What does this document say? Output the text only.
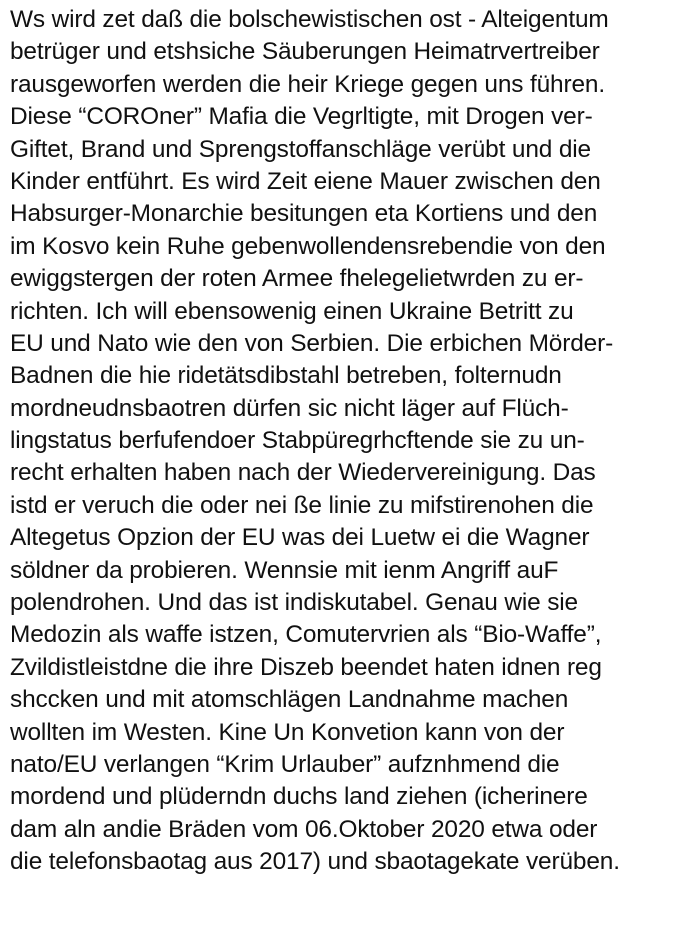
Ws wird zet daß die bolschewistischen ost - Alteigentum
betrüger und etshsiche Säuberungen Heimatrvertreiber
rausgeworfen werden die heir Kriege gegen uns führen.
Diese “COROner” Mafia die Vegrltigte, mit Drogen ver-
Giftet, Brand und Sprengstoffanschläge verübt und die
Kinder entführt. Es wird Zeit eiene Mauer zwischen den
Habsurger-Monarchie besitungen eta Kortiens und den
im Kosvo kein Ruhe gebenwollendensrebendie von den
ewiggstergen der roten Armee fhelegelietwrden zu er-
richten. Ich will ebensowenig einen Ukraine Betritt zu
EU und Nato wie den von Serbien. Die erbichen Mörder-
Badnen die hie ridetätsdibstahl betreben, folternudn
mordneudnsbaotren dürfen sic nicht läger auf Flüch-
lingstatus berfufendoer Stabpüregrhcftende sie zu un-
recht erhalten haben nach der Wiedervereinigung. Das
istd er veruch die oder nei ße linie zu mifstirenohen die
Altegetus Opzion der EU was dei Luetw ei die Wagner
söldner da probieren. Wennsie mit ienm Angriff auF
polendrohen. Und das ist indiskutabel. Genau wie sie
Medozin als waffe istzen, Comutervrien als “Bio-Waffe”,
Zvildistleistdne die ihre Diszeb beendet haten idnen reg
shccken und mit atomschlägen Landnahme machen
wollten im Westen. Kine Un Konvetion kann von der
nato/EU verlangen “Krim Urlauber” aufznhmend die
mordend und plüderndn duchs land ziehen (icherinere
dam aln andie Bräden vom 06.Oktober 2020 etwa oder
die telefonsbaotag aus 2017) und sbaotagekate verüben.
